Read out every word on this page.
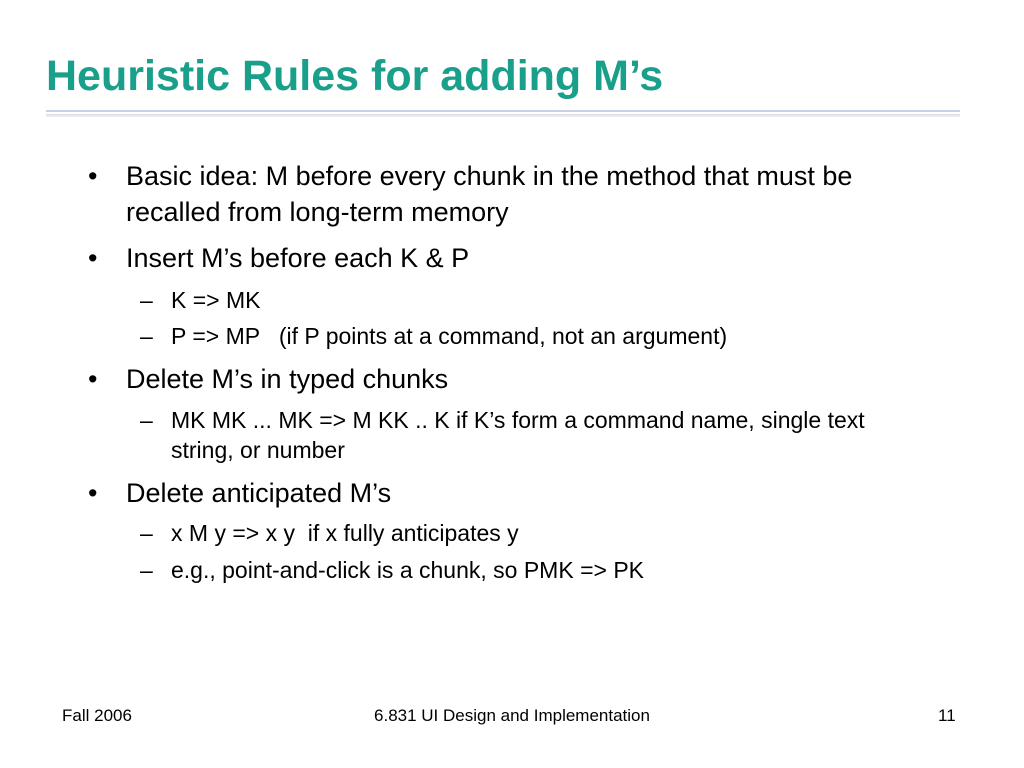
Heuristic Rules for adding M’s
•	Basic idea: M before every chunk in the method that must be recalled from long-term memory
•	Insert M’s before each K & P
– K => MK
– P => MP   (if P points at a command, not an argument)
•	Delete M’s in typed chunks
– MK MK ... MK => M KK .. K if K’s form a command name, single text string, or number
•	Delete anticipated M’s
– x M y => x y  if x fully anticipates y
– e.g., point-and-click is a chunk, so PMK => PK
Fall 2006	6.831 UI Design and Implementation	11
